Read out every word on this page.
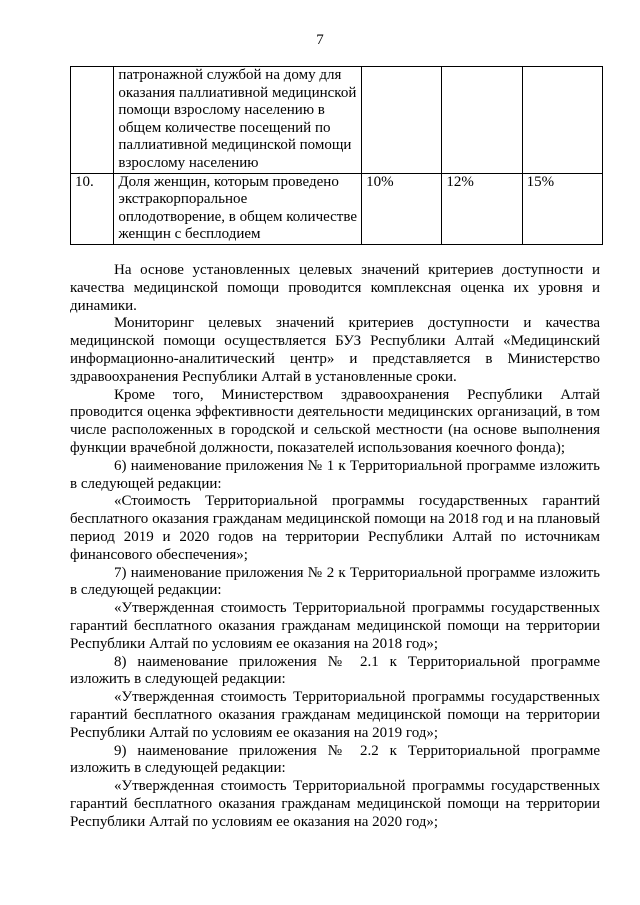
7
	патронажной службой на дому для оказания паллиативной медицинской помощи взрослому населению в общем количестве посещений по паллиативной медицинской помощи взрослому населению			
10.	Доля женщин, которым проведено экстракорпоральное оплодотворение, в общем количестве женщин с бесплодием	10%	12%	15%

На основе установленных целевых значений критериев доступности и качества медицинской помощи проводится комплексная оценка их уровня и динамики.

Мониторинг целевых значений критериев доступности и качества медицинской помощи осуществляется БУЗ Республики Алтай «Медицинский информационно-аналитический центр» и представляется в Министерство здравоохранения Республики Алтай в установленные сроки.

Кроме того, Министерством здравоохранения Республики Алтай проводится оценка эффективности деятельности медицинских организаций, в том числе расположенных в городской и сельской местности (на основе выполнения функции врачебной должности, показателей использования коечного фонда);

6) наименование приложения № 1 к Территориальной программе изложить в следующей редакции:

«Стоимость Территориальной программы государственных гарантий бесплатного оказания гражданам медицинской помощи на 2018 год и на плановый период 2019 и 2020 годов на территории Республики Алтай по источникам финансового обеспечения»;

7) наименование приложения № 2 к Территориальной программе изложить в следующей редакции:

«Утвержденная стоимость Территориальной программы государственных гарантий бесплатного оказания гражданам медицинской помощи на территории Республики Алтай по условиям ее оказания на 2018 год»;

8) наименование приложения № 2.1 к Территориальной программе изложить в следующей редакции:

«Утвержденная стоимость Территориальной программы государственных гарантий бесплатного оказания гражданам медицинской помощи на территории Республики Алтай по условиям ее оказания на 2019 год»;

9) наименование приложения № 2.2 к Территориальной программе изложить в следующей редакции:

«Утвержденная стоимость Территориальной программы государственных гарантий бесплатного оказания гражданам медицинской помощи на территории Республики Алтай по условиям ее оказания на 2020 год»;
